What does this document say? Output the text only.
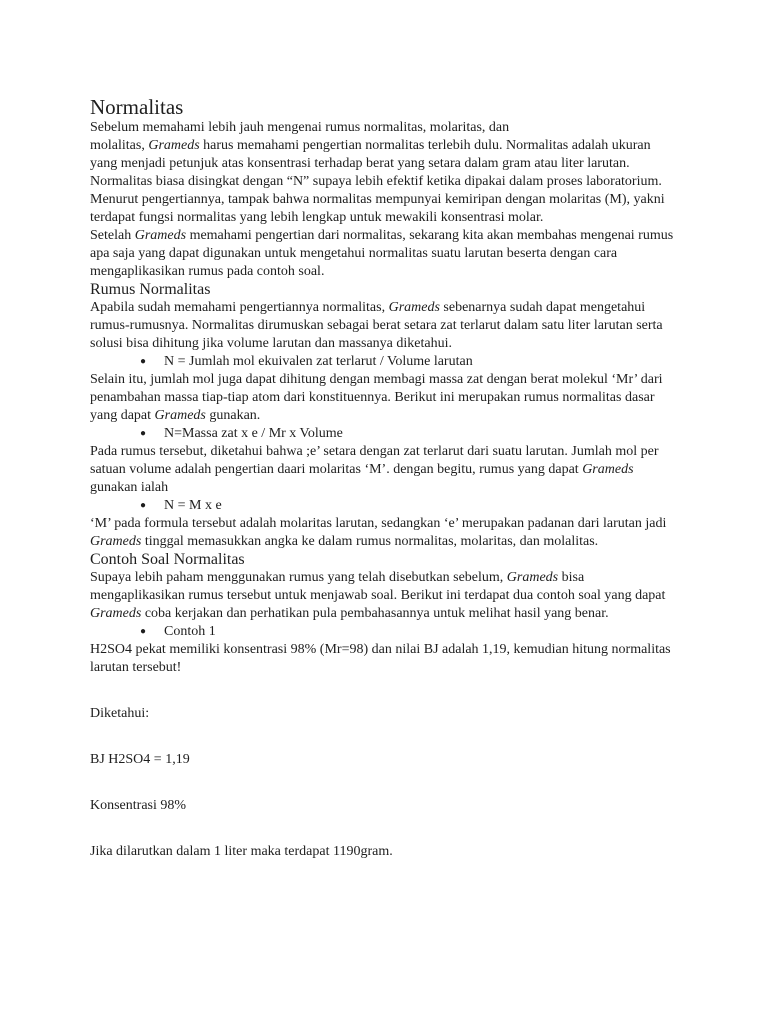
Normalitas

Sebelum memahami lebih jauh mengenai rumus normalitas, molaritas, dan
molalitas, Grameds harus memahami pengertian normalitas terlebih dulu. Normalitas adalah ukuran yang menjadi petunjuk atas konsentrasi terhadap berat yang setara dalam gram atau liter larutan. Normalitas biasa disingkat dengan “N” supaya lebih efektif ketika dipakai dalam proses laboratorium.

Menurut pengertiannya, tampak bahwa normalitas mempunyai kemiripan dengan molaritas (M), yakni terdapat fungsi normalitas yang lebih lengkap untuk mewakili konsentrasi molar.

Setelah Grameds memahami pengertian dari normalitas, sekarang kita akan membahas mengenai rumus apa saja yang dapat digunakan untuk mengetahui normalitas suatu larutan beserta dengan cara mengaplikasikan rumus pada contoh soal.

Rumus Normalitas

Apabila sudah memahami pengertiannya normalitas, Grameds sebenarnya sudah dapat mengetahui rumus-rumusnya. Normalitas dirumuskan sebagai berat setara zat terlarut dalam satu liter larutan serta solusi bisa dihitung jika volume larutan dan massanya diketahui.

● N = Jumlah mol ekuivalen zat terlarut / Volume larutan

Selain itu, jumlah mol juga dapat dihitung dengan membagi massa zat dengan berat molekul ‘Mr’ dari penambahan massa tiap-tiap atom dari konstituennya. Berikut ini merupakan rumus normalitas dasar yang dapat Grameds gunakan.

● N=Massa zat x e / Mr x Volume

Pada rumus tersebut, diketahui bahwa ;e’ setara dengan zat terlarut dari suatu larutan. Jumlah mol per satuan volume adalah pengertian daari molaritas ‘M’. dengan begitu, rumus yang dapat Grameds gunakan ialah

● N = M x e

‘M’ pada formula tersebut adalah molaritas larutan, sedangkan ‘e’ merupakan padanan dari larutan jadi Grameds tinggal memasukkan angka ke dalam rumus normalitas, molaritas, dan molalitas.

Contoh Soal Normalitas

Supaya lebih paham menggunakan rumus yang telah disebutkan sebelum, Grameds bisa mengaplikasikan rumus tersebut untuk menjawab soal. Berikut ini terdapat dua contoh soal yang dapat Grameds coba kerjakan dan perhatikan pula pembahasannya untuk melihat hasil yang benar.

● Contoh 1

H2SO4 pekat memiliki konsentrasi 98% (Mr=98) dan nilai BJ adalah 1,19, kemudian hitung normalitas larutan tersebut!

Diketahui:

BJ H2SO4 = 1,19

Konsentrasi 98%

Jika dilarutkan dalam 1 liter maka terdapat 1190gram.
